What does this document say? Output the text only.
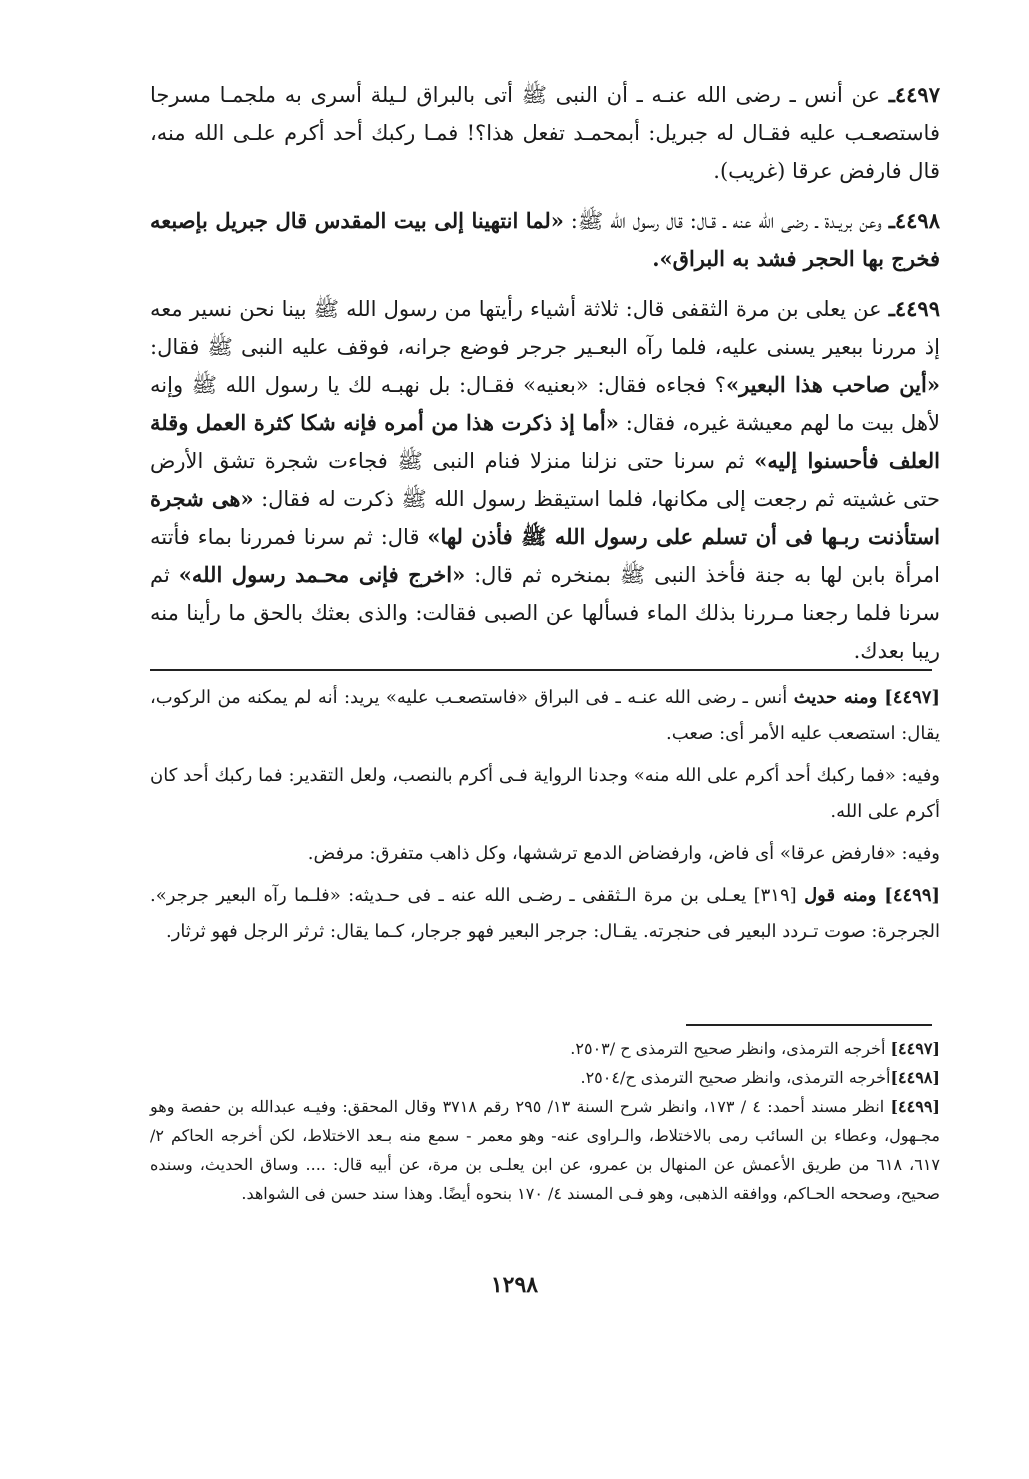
٤٤٩٧ـ عن أنس ـ رضى الله عنـه ـ أن النبى ﷺ أتى بالبراق لـيلة أسرى به ملجمـا مسرجا فاستصعـب عليه فقـال له جبريل: أبمحمـد تفعل هذا؟! فمـا ركبك أحد أكرم علـى الله منه، قال فارفض عرقا (غريب).

٤٤٩٨ـ وعن بريـدة ـ رضى الله عنه ـ قـال: قال رسول الله ﷺ: «لما انتهينا إلى بيت المقدس قال جبريل بإصبعه فخرج بها الحجر فشد به البراق».

٤٤٩٩ـ عن يعلى بن مرة الثقفى قال: ثلاثة أشياء رأيتها من رسول الله ﷺ بينا نحن نسير معه إذ مررنا ببعير يسنى عليه، فلما رآه البعـير جرجر فوضع جرانه، فوقف عليه النبى ﷺ فقال: «أين صاحب هذا البعير»؟ فجاءه فقال: «بعنيه» فقـال: بل نهبـه لك يا رسول الله ﷺ وإنه لأهل بيت ما لهم معيشة غيره، فقال: «أما إذ ذكرت هذا من أمره فإنه شكا كثرة العمل وقلة العلف فأحسنوا إليه» ثم سرنا حتى نزلنا منزلا فنام النبى ﷺ فجاءت شجرة تشق الأرض حتى غشيته ثم رجعت إلى مكانها، فلما استيقظ رسول الله ﷺ ذكرت له فقال: «هى شجرة استأذنت ربـها فى أن تسلم على رسول الله ﷺ فأذن لها» قال: ثم سرنا فمررنا بماء فأتته امرأة بابن لها به جنة فأخذ النبى ﷺ بمنخره ثم قال: «اخرج فإنى محـمد رسول الله» ثم سرنا فلما رجعنا مـررنا بذلك الماء فسألها عن الصبى فقالت: والذى بعثك بالحق ما رأينا منه ريبا بعدك.

[٤٤٩٧] ومنه حديث أنس ـ رضى الله عنـه ـ فى البراق «فاستصعـب عليه» يريد: أنه لم يمكنه من الركوب، يقال: استصعب عليه الأمر أى: صعب.

وفيه: «فما ركبك أحد أكرم على الله منه» وجدنا الرواية فـى أكرم بالنصب، ولعل التقدير: فما ركبك أحد كان أكرم على الله.

وفيه: «فارفض عرقا» أى فاض، وارفضاض الدمع ترششها، وكل ذاهب متفرق: مرفض.

[٤٤٩٩] ومنه قول [٣١٩] يعـلى بن مرة الـثقفى ـ رضـى الله عنه ـ فى حـديثه: «فلـما رآه البعير جرجر». الجرجرة: صوت تـردد البعير فى حنجرته. يقـال: جرجر البعير فهو جرجار، كـما يقال: ثرثر الرجل فهو ثرثار.

[٤٤٩٧] أخرجه الترمذى، وانظر صحيح الترمذى ح /٢٥٠٣.

[٤٤٩٨]أخرجه الترمذى، وانظر صحيح الترمذى ح/٢٥٠٤.

[٤٤٩٩] انظر مسند أحمد: ٤ / ١٧٣، وانظر شرح السنة ١٣/ ٢٩٥ رقم ٣٧١٨ وقال المحقق: وفيـه عبدالله بن حفصة وهو مجـهول، وعطاء بن السائب رمى بالاختلاط، والـراوى عنه- وهو معمر - سمع منه بـعد الاختلاط، لكن أخرجه الحاكم ٢/ ٦١٧، ٦١٨ من طريق الأعمش عن المنهال بن عمرو، عن ابن يعلـى بن مرة، عن أبيه قال: .... وساق الحديث، وسنده صحيح، وصححه الحـاكم، ووافقه الذهبى، وهو فـى المسند ٤/ ١٧٠ بنحوه أيضًا. وهذا سند حسن فى الشواهد.

١٢٩٨
